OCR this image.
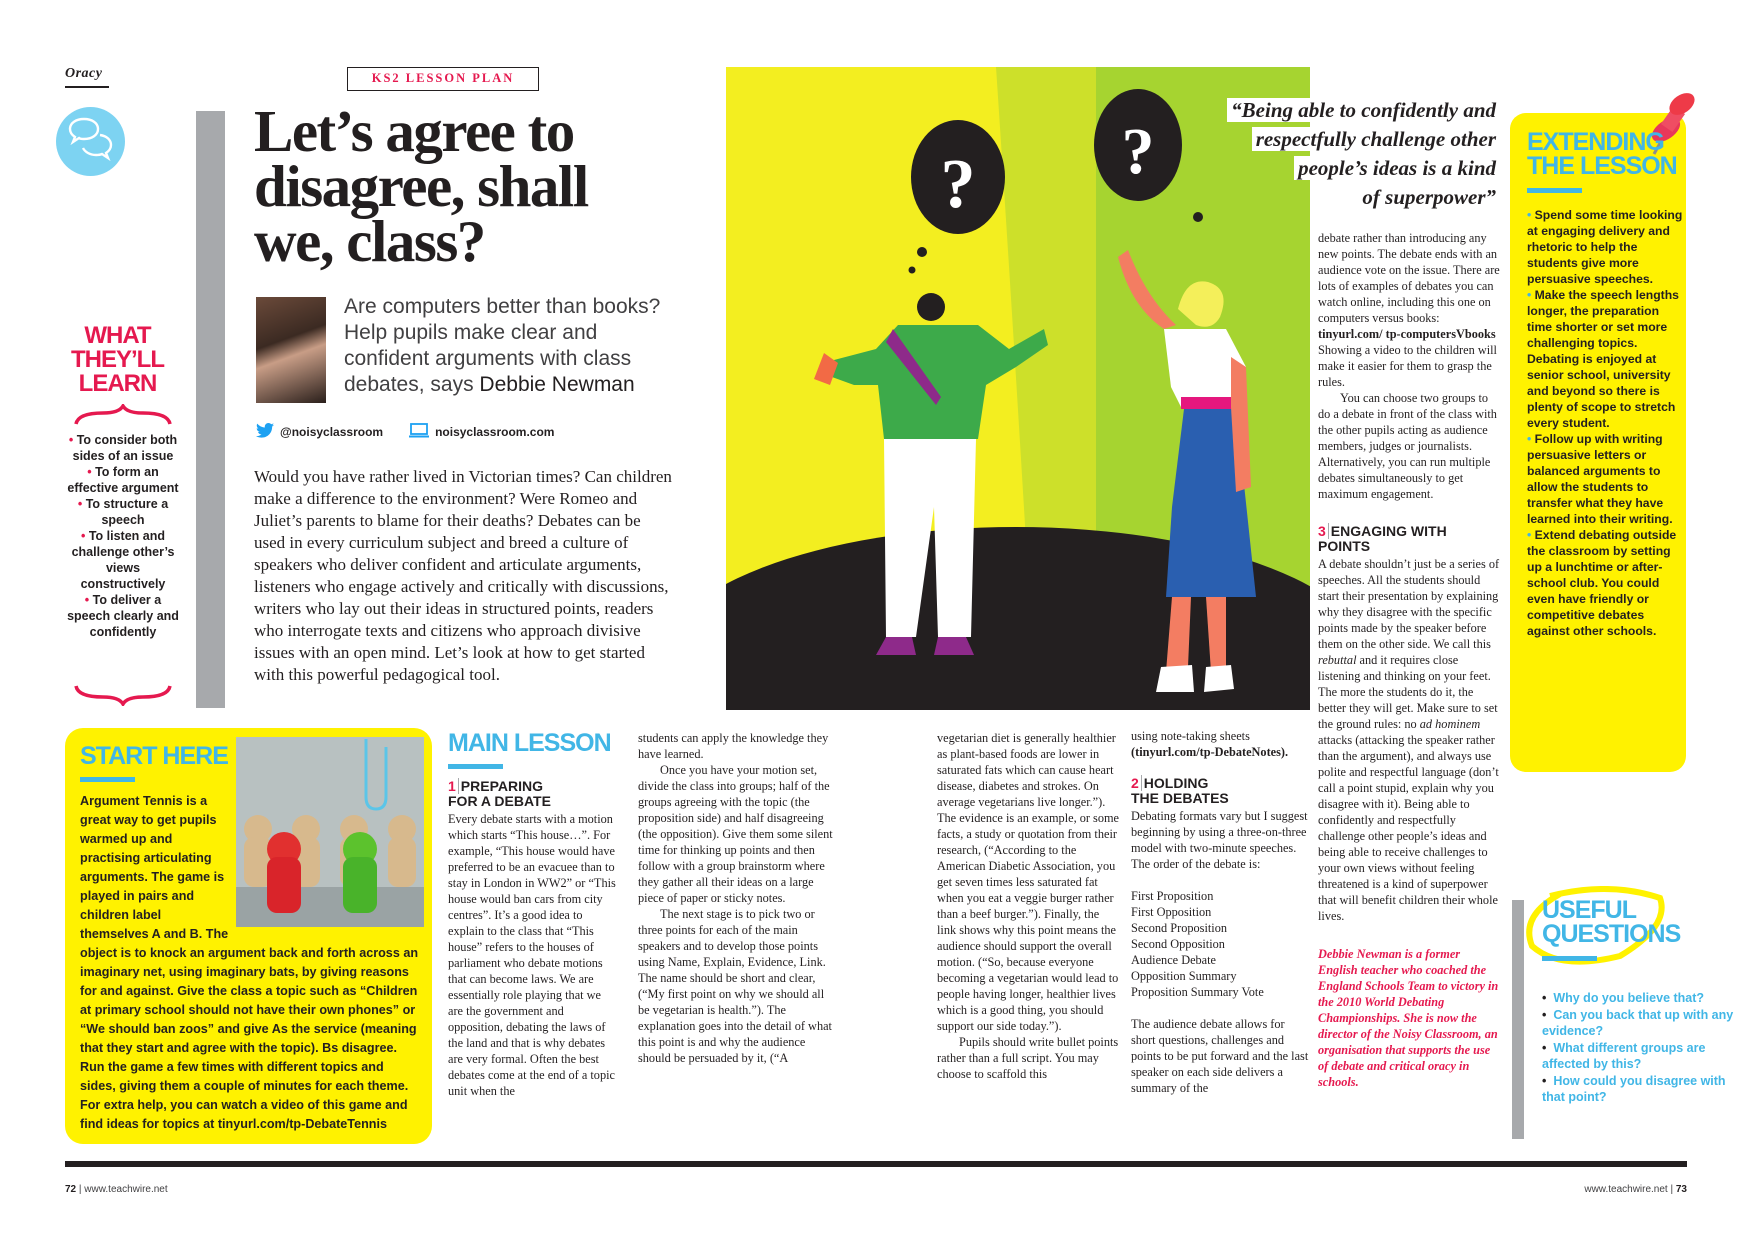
Oracy	KS2 LESSON PLAN
Let’s agree to disagree, shall we, class?
Are computers better than books? Help pupils make clear and confident arguments with class debates, says Debbie Newman
@noisyclassroom	noisyclassroom.com
Would you have rather lived in Victorian times? Can children make a difference to the environment? Were Romeo and Juliet’s parents to blame for their deaths? Debates can be used in every curriculum subject and breed a culture of speakers who deliver confident and articulate arguments, listeners who engage actively and critically with discussions, writers who lay out their ideas in structured points, readers who interrogate texts and citizens who approach divisive issues with an open mind. Let’s look at how to get started with this powerful pedagogical tool.
WHAT
THEY’LL
LEARN
• To consider both sides of an issue
• To form an effective argument
• To structure a speech
• To listen and challenge other’s views constructively
• To deliver a speech clearly and confidently
? ?
“Being able to confidently and
respectfully challenge other
people’s ideas is a kind
of superpower”
START HERE
Argument Tennis is a great way to get pupils warmed up and practising articulating arguments. The game is played in pairs and children label themselves A and B. The
object is to knock an argument back and forth across an imaginary net, using imaginary bats, by giving reasons for and against. Give the class a topic such as “Children at primary school should not have their own phones” or “We should ban zoos” and give As the service (meaning that they start and agree with the topic). Bs disagree. Run the game a few times with different topics and sides, giving them a couple of minutes for each theme. For extra help, you can watch a video of this game and find ideas for topics at tinyurl.com/tp-DebateTennis
MAIN LESSON
1 PREPARING
FOR A DEBATE

Every debate starts with a motion which starts “This house…”. For example, “This house would have preferred to be an evacuee than to stay in London in WW2” or “This house would ban cars from city centres”. It’s a good idea to explain to the class that “This house” refers to the houses of parliament who debate motions that can become laws. We are essentially role playing that we are the government and opposition, debating the laws of the land and that is why debates are very formal. Often the best debates come at the end of a topic unit when the

students can apply the knowledge they have learned.

Once you have your motion set, divide the class into groups; half of the groups agreeing with the topic (the proposition side) and half disagreeing (the opposition). Give them some silent time for thinking up points and then follow with a group brainstorm where they gather all their ideas on a large piece of paper or sticky notes.

The next stage is to pick two or three points for each of the main speakers and to develop those points using Name, Explain, Evidence, Link. The name should be short and clear, (“My first point on why we should all be vegetarian is health.”). The explanation goes into the detail of what this point is and why the audience should be persuaded by it, (“A

vegetarian diet is generally healthier as plant-based foods are lower in saturated fats which can cause heart disease, diabetes and strokes. On average vegetarians live longer.”). The evidence is an example, or some facts, a study or quotation from their research, (“According to the American Diabetic Association, you get seven times less saturated fat when you eat a veggie burger rather than a beef burger.”). Finally, the link shows why this point means the audience should support the overall motion. (“So, because everyone becoming a vegetarian would lead to people having longer, healthier lives which is a good thing, you should support our side today.”).

Pupils should write bullet points rather than a full script. You may choose to scaffold this

using note-taking sheets (tinyurl.com/tp-DebateNotes).

2 HOLDING
THE DEBATES

Debating formats vary but I suggest beginning by using a three-on-three model with two-minute speeches. The order of the debate is:

First Proposition
First Opposition
Second Proposition
Second Opposition
Audience Debate
Opposition Summary
Proposition Summary Vote

The audience debate allows for short questions, challenges and points to be put forward and the last speaker on each side delivers a summary of the

debate rather than introducing any new points. The debate ends with an audience vote on the issue. There are lots of examples of debates you can watch online, including this one on computers versus books: tinyurl.com/ tp-computersVbooks Showing a video to the children will make it easier for them to grasp the rules.

You can choose two groups to do a debate in front of the class with the other pupils acting as audience members, judges or journalists. Alternatively, you can run multiple debates simultaneously to get maximum engagement.

3 ENGAGING WITH
POINTS

A debate shouldn’t just be a series of speeches. All the students should start their presentation by explaining why they disagree with the specific points made by the speaker before them on the other side. We call this rebuttal and it requires close listening and thinking on your feet. The more the students do it, the better they will get. Make sure to set the ground rules: no ad hominem attacks (attacking the speaker rather than the argument), and always use polite and respectful language (don’t call a point stupid, explain why you disagree with it). Being able to confidently and respectfully challenge other people’s ideas and being able to receive challenges to your own views without feeling threatened is a kind of superpower that will benefit children their whole lives.

Debbie Newman is a former English teacher who coached the England Schools Team to victory in the 2010 World Debating Championships. She is now the director of the Noisy Classroom, an organisation that supports the use of debate and critical oracy in schools.

EXTENDING
THE LESSON
• Spend some time looking at engaging delivery and rhetoric to help the students give more persuasive speeches.
• Make the speech lengths longer, the preparation time shorter or set more challenging topics. Debating is enjoyed at senior school, university and beyond so there is plenty of scope to stretch every student.
• Follow up with writing persuasive letters or balanced arguments to allow the students to transfer what they have learned into their writing.
• Extend debating outside the classroom by setting up a lunchtime or after-school club. You could even have friendly or competitive debates against other schools.
USEFUL
QUESTIONS
•  Why do you believe that?
•  Can you back that up with any evidence?
•  What different groups are affected by this?
•  How could you disagree with that point?
72 | www.teachwire.net	www.teachwire.net | 73
